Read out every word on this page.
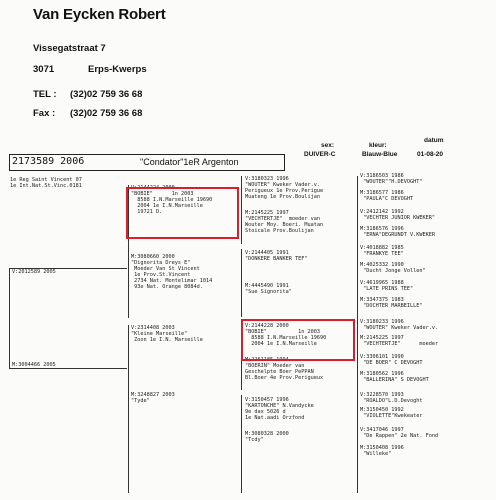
Van Eycken Robert
Vissegatstraat 7
3071	Erps-Kwerps
TEL : (32)02 759 36 68
Fax : (32)02 759 36 68
2173589 2006	"Condator"1eR Argenton
sex:
DUIVER-C
kleur:
Blauw-Blue
datum
01-08-20
1e Reg Saint Vincent 07
1e Int.Nat.St.Vinc.0181
V:2012589 2005
M:3004466 2005
V:2144224 2000
"BOBIE"      1n 2003
8588 I.N.Marseille 19690
2004 1e I.N.Marseille
19721 D.
M:3080660 2000
"Dignorita Dreys E"
Moeder Van St Vincent
1e Prov.St.Vincent
2734 Nat. Montelimar 1014
93e Nat. Orange 8084d.
V:2314408 2003
"Kleine Marseille"
Zoon 1e I.N. Marseille
M:3248827 2003
"Tyde"
V:3180323 1996
"WOUTER" Kweker Vader.v.
Perigueux 1e Prov.Perigue
Muateng 1e Prov.Boulijan
M:2145225 1997
"VECHTERTJE"  moeder van
Wouter Moy. Boeri. Muatan
Stoicale Prov.Boulijan
V:2144405 1991
"DONKERE BANKER TEF"
M:4445490 1991
"Sue Signorita"
V:2144228 2000
"BOBIE"          1n 2003
8588 I.N.Marseille 19690
2004 1e I.N.Marseille
M:2261185 1994
"BOERIN" Moeder van
Geschelpte Boer PePPAN
Bl.Boer 4e Prov.Perigueux
V:3150457 1996
"KARTONCHE" N.Vandycke
9e dax 5026 d
1e Nat.aadi Orzfond
M:3080328 2000
"Tcdy"
V:3186503 1986
"WOUTER""H.DEVOGHT"
M:3186577 1986
"PAULA"C DEVOGHT
V:2412142 1992
"VECHTER JUNIOR KWEKER"
M:3186576 1996
"ERNA"DEGRUNDT V.KWEKER
V:4018882 1985
"FRANKYE TEE"
M:4025332 1990
"Ducht Jonge Vollen"
V:4619965 1988
"LATE PRINS TEE"
M:3347375 1983
"DOCHTER MARBEILLE"
V:3180233 1996
"WOUTER" Kweker Vader.v.
M:2145225 1997
"VECHTERTJE"      moeder
V:3306101 1990
"DE BOER" C DEVOGHT
M:3180562 1996
"BALLERINA" S DEVOGHT
V:3228570 1993
"ROALDO"L.D.Devoght
M:3150450 1992
"VIOLETTE"Kwekeater
V:3417046 1997
"De Rappen" 2e Nat. Fond
M:3150408 1996
"Willeke"
